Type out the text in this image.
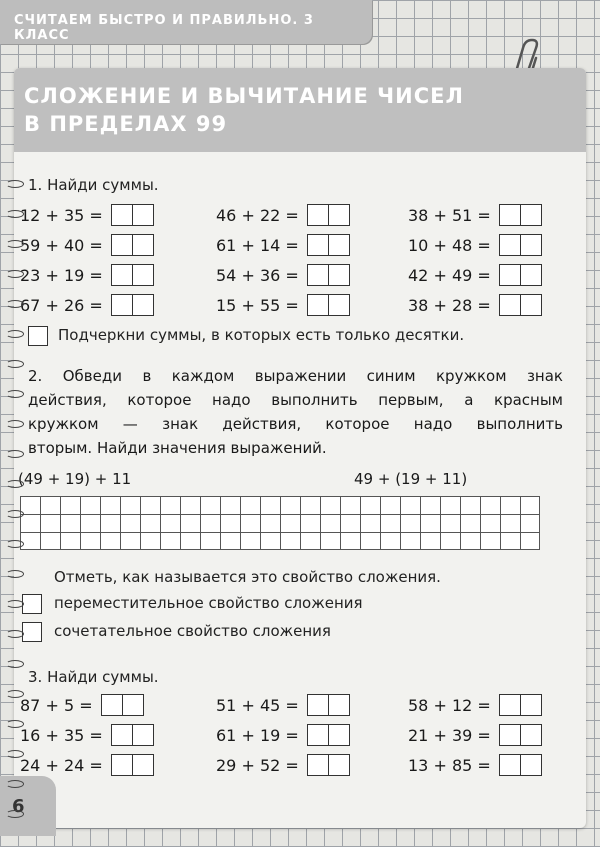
СЧИТАЕМ БЫСТРО И ПРАВИЛЬНО. 3 КЛАСС
СЛОЖЕНИЕ И ВЫЧИТАНИЕ ЧИСЕЛ
В ПРЕДЕЛАХ 99
1. Найди суммы.
12 + 35 =
59 + 40 =
23 + 19 =
67 + 26 =
46 + 22 =
61 + 14 =
54 + 36 =
15 + 55 =
38 + 51 =
10 + 48 =
42 + 49 =
38 + 28 =
Подчеркни суммы, в которых есть только десятки.
2. Обведи в каждом выражении синим кружком знак
действия, которое надо выполнить первым, а красным
кружком — знак действия, которое надо выполнить
вторым. Найди значения выражений.
(49 + 19) + 11	49 + (19 + 11)
Отметь, как называется это свойство сложения.
переместительное свойство сложения
сочетательное свойство сложения
3. Найди суммы.
87 + 5 =
16 + 35 =
24 + 24 =
51 + 45 =
61 + 19 =
29 + 52 =
58 + 12 =
21 + 39 =
13 + 85 =
6
